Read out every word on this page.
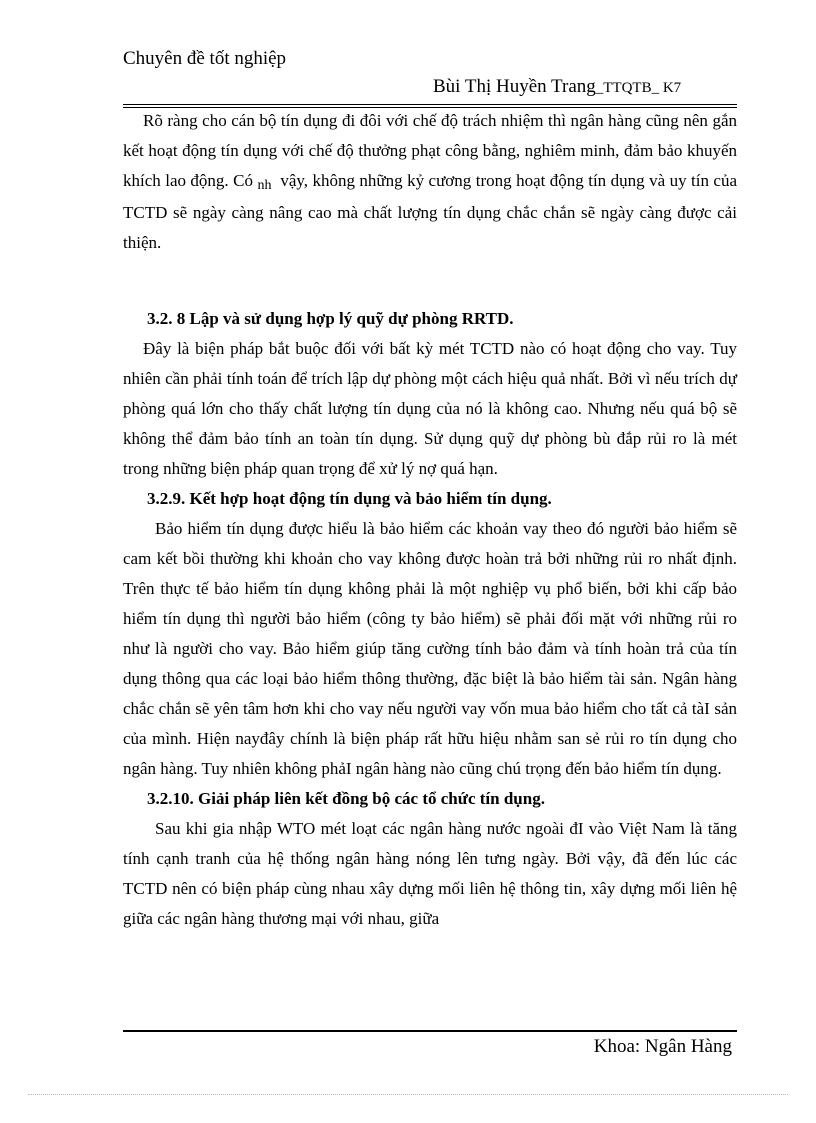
Chuyên đề tốt nghiệp
Bùi Thị Huyền Trang_TTQTB_ K7

Rõ ràng cho cán bộ tín dụng đi đôi với chế độ trách nhiệm thì ngân hàng cũng nên gắn kết hoạt động tín dụng với chế độ thưởng phạt công bằng, nghiêm minh, đảm bảo khuyến khích lao động. Có nh vậy, không những kỷ cương trong hoạt động tín dụng và uy tín của TCTD sẽ ngày càng nâng cao mà chất lượng tín dụng chắc chắn sẽ ngày càng được cải thiện.

3.2. 8 Lập và sử dụng hợp lý quỹ dự phòng RRTD.

Đây là biện pháp bắt buộc đối với bất kỳ mét TCTD nào có hoạt động cho vay. Tuy nhiên cần phải tính toán để trích lập dự phòng một cách hiệu quả nhất. Bởi vì nếu trích dự phòng quá lớn cho thấy chất lượng tín dụng của nó là không cao. Nhưng nếu quá bộ sẽ không thể đảm bảo tính an toàn tín dụng. Sử dụng quỹ dự phòng bù đắp rủi ro là mét trong những biện pháp quan trọng để xử lý nợ quá hạn.

3.2.9. Kết hợp hoạt động tín dụng và bảo hiểm tín dụng.

Bảo hiểm tín dụng được hiểu là bảo hiểm các khoản vay theo đó người bảo hiểm sẽ cam kết bồi thường khi khoản cho vay không được hoàn trả bởi những rủi ro nhất định. Trên thực tế bảo hiểm tín dụng không phải là một nghiệp vụ phổ biến, bởi khi cấp bảo hiểm tín dụng thì người bảo hiểm (công ty bảo hiểm) sẽ phải đối mặt với những rủi ro như là người cho vay. Bảo hiểm giúp tăng cường tính bảo đảm và tính hoàn trả của tín dụng thông qua các loại bảo hiểm thông thường, đặc biệt là bảo hiểm tài sản. Ngân hàng chắc chắn sẽ yên tâm hơn khi cho vay nếu người vay vốn mua bảo hiểm cho tất cả tàI sản của mình. Hiện nayđây chính là biện pháp rất hữu hiệu nhằm san sẻ rủi ro tín dụng cho ngân hàng. Tuy nhiên không phảI ngân hàng nào cũng chú trọng đến bảo hiểm tín dụng.

3.2.10. Giải pháp liên kết đồng bộ các tổ chức tín dụng.

Sau khi gia nhập WTO mét loạt các ngân hàng nước ngoài đI vào Việt Nam là tăng tính cạnh tranh của hệ thống ngân hàng nóng lên tưng ngày. Bởi vậy, đã đến lúc các TCTD nên có biện pháp cùng nhau xây dựng mối liên hệ thông tin, xây dựng mối liên hệ giữa các ngân hàng thương mại với nhau, giữa

Khoa: Ngân Hàng
